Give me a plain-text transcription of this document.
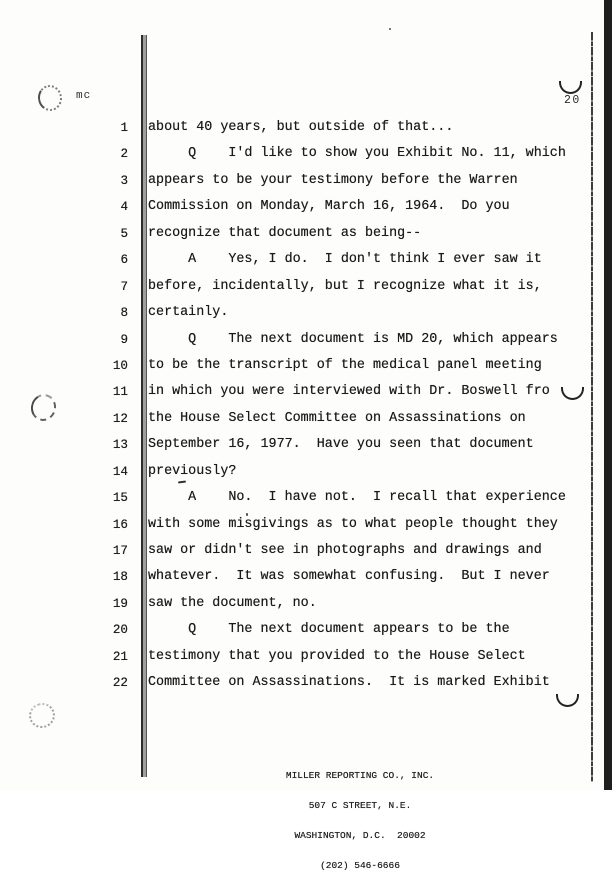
mc	20
1 about 40 years, but outside of that...
2 Q    I'd like to show you Exhibit No. 11, which
3 appears to be your testimony before the Warren
4 Commission on Monday, March 16, 1964.  Do you
5 recognize that document as being--
6 A    Yes, I do.  I don't think I ever saw it
7 before, incidentally, but I recognize what it is,
8 certainly.
9 Q    The next document is MD 20, which appears
10 to be the transcript of the medical panel meeting
11 in which you were interviewed with Dr. Boswell fro
12 the House Select Committee on Assassinations on
13 September 16, 1977.  Have you seen that document
14 previously?
15 A    No.  I have not.  I recall that experience
16 with some misgivings as to what people thought they
17 saw or didn't see in photographs and drawings and
18 whatever.  It was somewhat confusing.  But I never
19 saw the document, no.
20 Q    The next document appears to be the
21 testimony that you provided to the House Select
22 Committee on Assassinations.  It is marked Exhibit

MILLER REPORTING CO., INC.

507 C STREET, N.E.

WASHINGTON, D.C.  20002

(202) 546-6666
